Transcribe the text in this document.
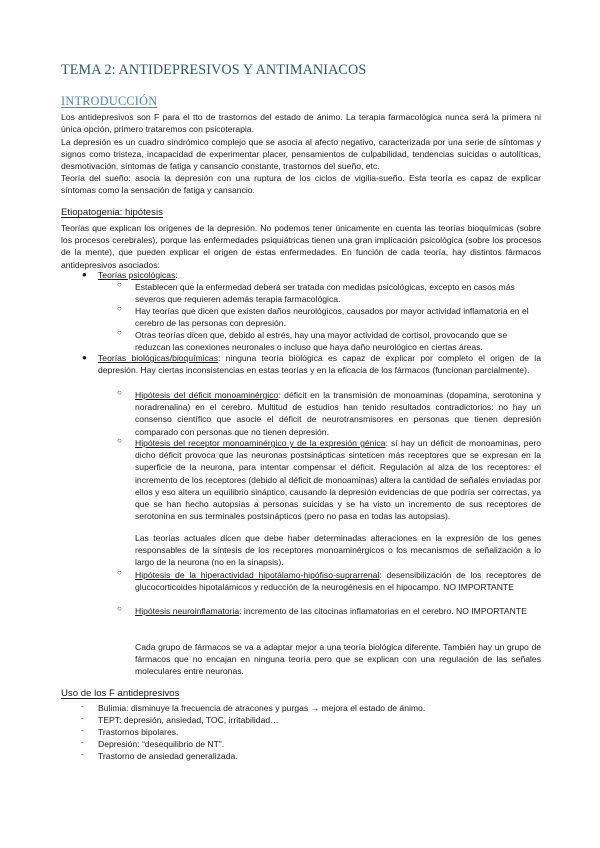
TEMA 2: ANTIDEPRESIVOS Y ANTIMANIACOS
INTRODUCCIÓN
Los antidepresivos son F para el tto de trastornos del estado de ánimo. La terapia farmacológica nunca será la primera ni única opción, primero trataremos con psicoterapia.
La depresión es un cuadro sindrómico complejo que se asocia al afecto negativo, caracterizada por una serie de síntomas y signos como tristeza, incapacidad de experimentar placer, pensamientos de culpabilidad, tendencias suicidas o autolíticas, desmotivación, síntomas de fatiga y cansancio constante, trastornos del sueño, etc.
Teoría del sueño: asocia la depresión con una ruptura de los ciclos de vigilia-sueño. Esta teoría es capaz de explicar síntomas como la sensación de fatiga y cansancio.
Etiopatogenia: hipótesis
Teorías que explican los orígenes de la depresión. No podemos tener únicamente en cuenta las teorías bioquímicas (sobre los procesos cerebrales), porque las enfermedades psiquiátricas tienen una gran implicación psicológica (sobre los procesos de la mente), que pueden explicar el origen de estas enfermedades. En función de cada teoría, hay distintos fármacos antidepresivos asociados:
● Teorías psicológicas:
○ Establecen que la enfermedad deberá ser tratada con medidas psicológicas, excepto en casos más severos que requieren además terapia farmacológica.
○ Hay teorías que dicen que existen daños neurológicos, causados por mayor actividad inflamatoria en el cerebro de las personas con depresión.
○ Otras teorías dicen que, debido al estrés, hay una mayor actividad de cortisol, provocando que se reduzcan las conexiones neuronales o incluso que haya daño neurológico en ciertas áreas.
● Teorías biológicas/bioquímicas: ninguna teoría biológica es capaz de explicar por completo el origen de la depresión. Hay ciertas inconsistencias en estas teorías y en la eficacia de los fármacos (funcionan parcialmente).
○ Hipótesis del déficit monoaminérgico: déficit en la transmisión de monoaminas (dopamina, serotonina y noradrenalina) en el cerebro. Multitud de estudios han tenido resultados contradictorios: no hay un consenso científico que asocie el déficit de neurotransmisores en personas que tienen depresión comparado con personas que no tienen depresión.
○ Hipótesis del receptor monoaminérgico y de la expresión génica: sí hay un déficit de monoaminas, pero dicho déficit provoca que las neuronas postsinápticas sinteticen más receptores que se expresan en la superficie de la neurona, para intentar compensar el déficit. Regulación al alza de los receptores: el incremento de los receptores (debido al déficit de monoaminas) altera la cantidad de señales enviadas por ellos y eso altera un equilibrio sináptico, causando la depresión evidencias de que podría ser correctas, ya que se han hecho autopsias a personas suicidas y se ha visto un incremento de sus receptores de serotonina en sus terminales postsinápticos (pero no pasa en todas las autopsias).
Las teorías actuales dicen que debe haber determinadas alteraciones en la expresión de los genes responsables de la síntesis de los receptores monoaminérgicos o los mecanismos de señalización a lo largo de la neurona (no en la sinapsis).
○ Hipótesis de la hiperactividad hipotálamo-hipófiso-suprarrenal: desensibilización de los receptores de glucocorticoides hipotalámicos y reducción de la neurogénesis en el hipocampo. NO IMPORTANTE
○ Hipótesis neuroinflamatoria: incremento de las citocinas inflamatorias en el cerebro. NO IMPORTANTE
Cada grupo de fármacos se va a adaptar mejor a una teoría biológica diferente. También hay un grupo de fármacos que no encajan en ninguna teoría pero que se explican con una regulación de las señales moleculares entre neuronas.
Uso de los F antidepresivos
- Bulimia: disminuye la frecuencia de atracones y purgas → mejora el estado de ánimo.
- TEPT: depresión, ansiedad, TOC, irritabilidad…
- Trastornos bipolares.
- Depresión: “desequilibrio de NT”.
- Trastorno de ansiedad generalizada.
